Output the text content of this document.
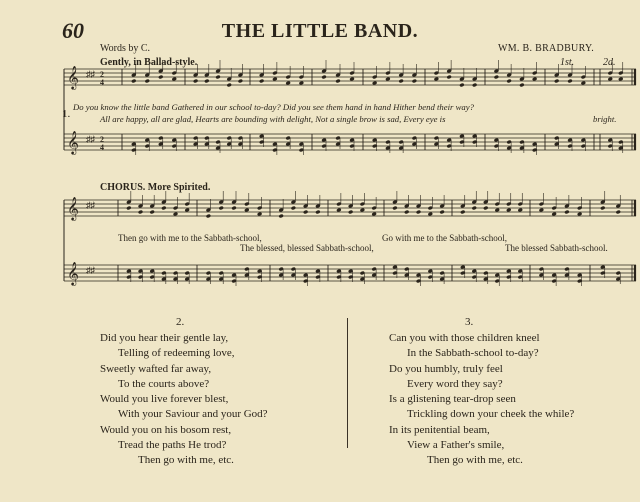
60	THE LITTLE BAND.
Words by C.	WM. B. BRADBURY.
Gently, in Ballad-style.	1st.	2d.
𝄞
𝄞
2
4
♯♯
2
4
♯♯
𝄞
𝄞
♯♯
♯♯
1.
Do you know the little band Gathered in our school to-day? Did you see them hand in hand Hither bend their way?
All are happy, all are glad, Hearts are bounding with delight, Not a single brow is sad, Every eye is	bright.
CHORUS. More Spirited.
Then go with me to the Sabbath-school,	Go with me to the Sabbath-school,
The blessed, blessed Sabbath-school,	The blessed Sabbath-school.
2.
Did you hear their gentle lay,
Telling of redeeming love,
Sweetly wafted far away,
To the courts above?
Would you live forever blest,
With your Saviour and your God?
Would you on his bosom rest,
Tread the paths He trod?
Then go with me, etc.
3.
Can you with those children kneel
In the Sabbath-school to-day?
Do you humbly, truly feel
Every word they say?
Is a glistening tear-drop seen
Trickling down your cheek the while?
In its penitential beam,
View a Father's smile,
Then go with me, etc.
